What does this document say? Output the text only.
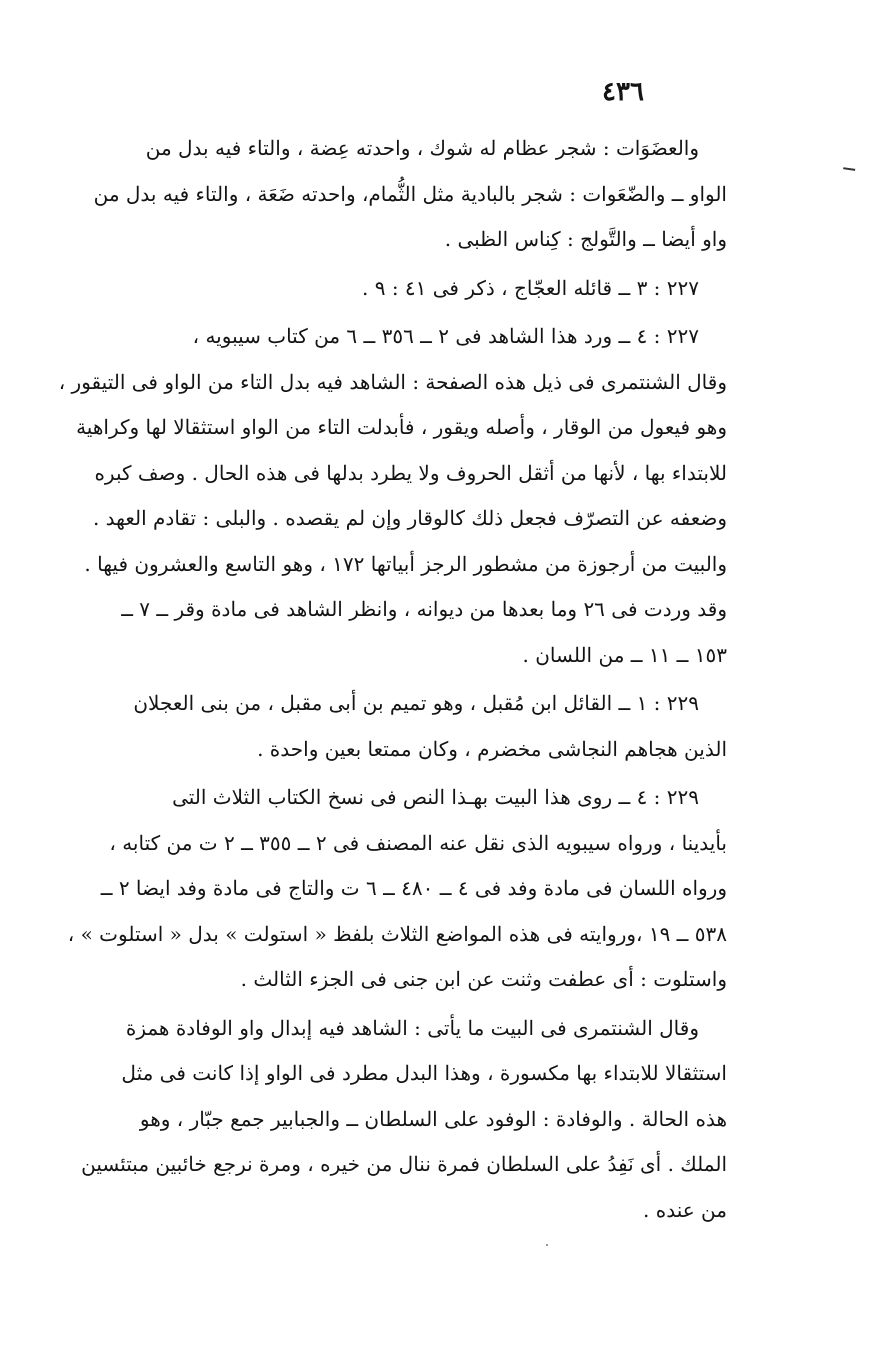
٤٣٦
والعضَوَات : شجر عظام له شوك ، واحدته عِضة ، والتاء فيه بدل من
الواو ــ والضّعَوات : شجر بالبادية مثل الثُّمام، واحدته ضَعَة ، والتاء فيه بدل من
واو أيضا ــ والتَّولج : كِناس الظبى .
٢٢٧ : ٣ ــ قائله العجّاج ، ذكر فى ٤١ : ٩ .
٢٢٧ : ٤ ــ ورد هذا الشاهد فى ٢ ــ ٣٥٦ ــ ٦ من كتاب سيبويه ،
وقال الشنتمرى فى ذيل هذه الصفحة : الشاهد فيه بدل التاء من الواو فى التيقور ،
وهو فيعول من الوقار ، وأصله ويقور ، فأبدلت التاء من الواو استثقالا لها وكراهية
للابتداء بها ، لأنها من أثقل الحروف ولا يطرد بدلها فى هذه الحال . وصف كبره
وضعفه عن التصرّف فجعل ذلك كالوقار وإن لم يقصده . والبلى : تقادم العهد .
والبيت من أرجوزة من مشطور الرجز أبياتها ١٧٢ ، وهو التاسع والعشرون فيها .
وقد وردت فى ٢٦ وما بعدها من ديوانه ، وانظر الشاهد فى مادة وقر ــ ٧ ــ
١٥٣ ــ ١١ ــ من اللسان .
٢٢٩ : ١ ــ القائل ابن مُقبل ، وهو تميم بن أبى مقبل ، من بنى العجلان
الذين هجاهم النجاشى مخضرم ، وكان ممتعا بعين واحدة .
٢٢٩ : ٤ ــ روى هذا البيت بهـذا النص فى نسخ الكتاب الثلاث التى
بأيدينا ، ورواه سيبويه الذى نقل عنه المصنف فى ٢ ــ ٣٥٥ ــ ٢ ت من كتابه ،
ورواه اللسان فى مادة وفد فى ٤ ــ ٤٨٠ ــ ٦ ت والتاج فى مادة وفد ايضا ٢ ــ
٥٣٨ ــ ١٩ ،وروايته فى هذه المواضع الثلاث بلفظ « استولت » بدل « استلوت » ،
واستلوت : أى عطفت وثنت عن ابن جنى فى الجزء الثالث .
وقال الشنتمرى فى البيت ما يأتى : الشاهد فيه إبدال واو الوفادة همزة
استثقالا للابتداء بها مكسورة ، وهذا البدل مطرد فى الواو إذا كانت فى مثل
هذه الحالة . والوفادة : الوفود على السلطان ــ والجبابير جمع جبّار ، وهو
الملك . أى نَفِدُ على السلطان فمرة ننال من خيره ، ومرة نرجع خائبين مبتئسين
من عنده .
